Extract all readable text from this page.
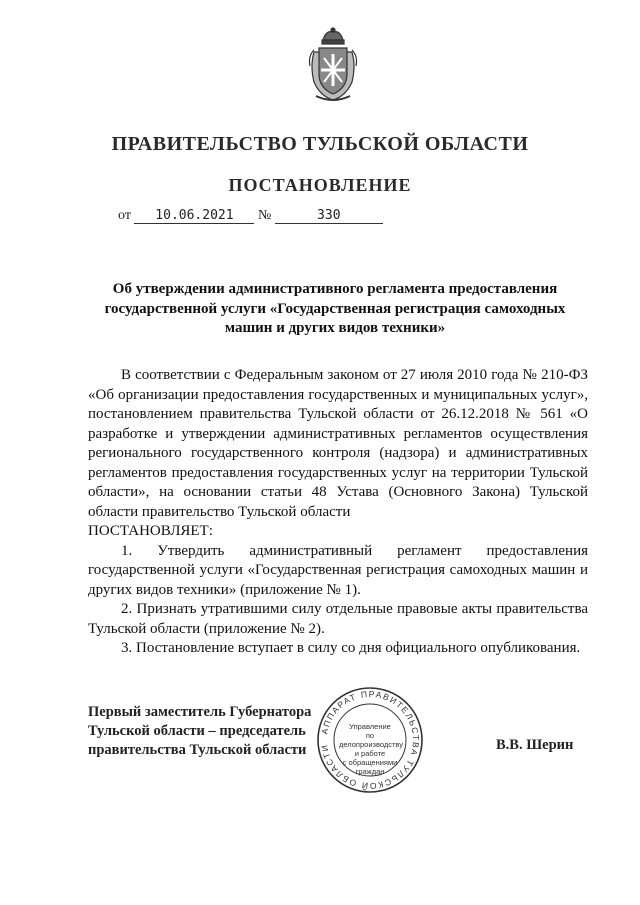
ПРАВИТЕЛЬСТВО ТУЛЬСКОЙ ОБЛАСТИ
ПОСТАНОВЛЕНИЕ
от 10.06.2021 №	330
Об утверждении административного регламента предоставления государственной услуги «Государственная регистрация самоходных машин и других видов техники»

В соответствии с Федеральным законом от 27 июля 2010 года № 210-ФЗ «Об организации предоставления государственных и муниципальных услуг», постановлением правительства Тульской области от 26.12.2018 № 561 «О разработке и утверждении административных регламентов осуществления регионального государственного контроля (надзора) и административных регламентов предоставления государственных услуг на территории Тульской области», на основании статьи 48 Устава (Основного Закона) Тульской области правительство Тульской области

ПОСТАНОВЛЯЕТ:

1. Утвердить административный регламент предоставления государственной услуги «Государственная регистрация самоходных машин и других видов техники» (приложение № 1).

2. Признать утратившими силу отдельные правовые акты правительства Тульской области (приложение № 2).

3. Постановление вступает в силу со дня официального опубликования.

Первый заместитель Губернатора
Тульской области – председатель
правительства Тульской области	В.В. Шерин
АППАРАТ ПРАВИТЕЛЬСТВА ТУЛЬСКОЙ ОБЛАСТИ
Управление
по делопроизводству
и работе
с обращениями
граждан
